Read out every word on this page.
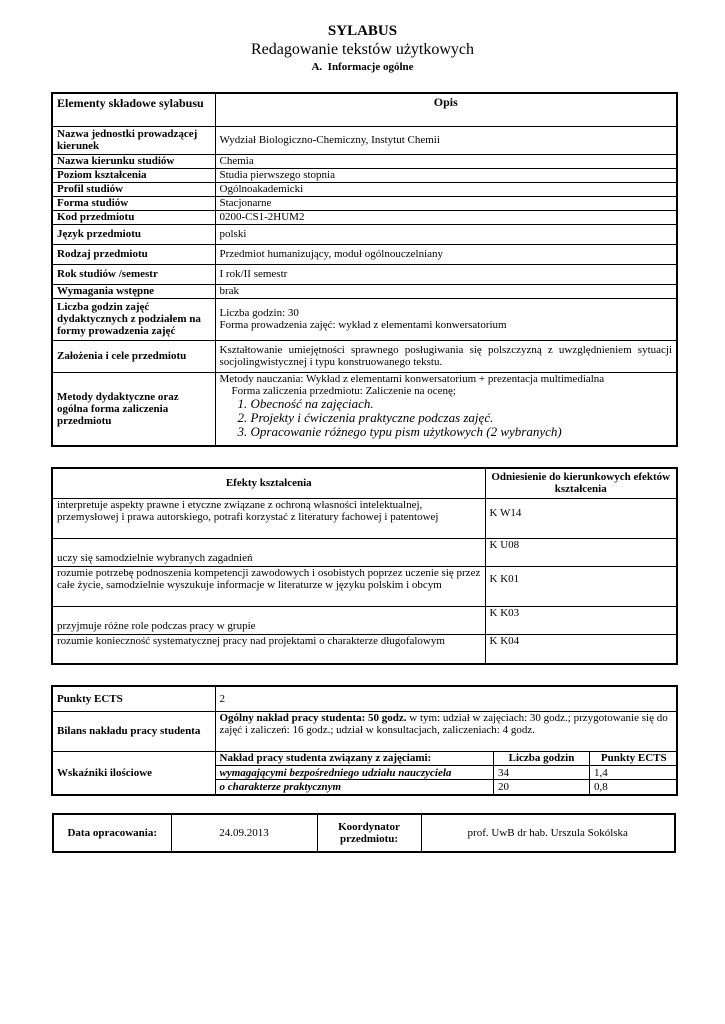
SYLABUS
Redagowanie tekstów użytkowych
A.  Informacje ogólne
Elementy składowe sylabusu	Opis
Nazwa jednostki prowadzącej kierunek	Wydział Biologiczno-Chemiczny, Instytut Chemii
Nazwa kierunku studiów	Chemia
Poziom kształcenia	Studia pierwszego stopnia
Profil studiów	Ogólnoakademicki
Forma studiów	Stacjonarne
Kod przedmiotu	0200-CS1-2HUM2
Język przedmiotu	polski
Rodzaj przedmiotu	Przedmiot humanizujący, moduł ogólnouczelniany
Rok studiów /semestr	I rok/II semestr
Wymagania wstępne	brak
Liczba godzin zajęć dydaktycznych z podziałem na formy prowadzenia zajęć	Liczba godzin: 30
Forma prowadzenia zajęć: wykład z elementami konwersatorium

Założenia i cele przedmiotu	Kształtowanie umiejętności sprawnego posługiwania się polszczyzną z uwzględnieniem sytuacji socjolingwistycznej i typu konstruowanego tekstu.
Metody dydaktyczne oraz ogólna forma zaliczenia przedmiotu	Metody nauczania: Wykład z elementami konwersatorium + prezentacja multimedialna
Forma zaliczenia przedmiotu: Zaliczenie na ocenę;
1. Obecność na zajęciach.
2. Projekty i ćwiczenia praktyczne podczas zajęć.
3. Opracowanie różnego typu pism użytkowych (2 wybranych)
Efekty kształcenia	Odniesienie do kierunkowych efektów kształcenia
interpretuje aspekty prawne i etyczne związane z ochroną własności intelektualnej, przemysłowej i prawa autorskiego, potrafi korzystać z literatury fachowej i patentowej	K W14
uczy się samodzielnie wybranych zagadnień	K U08
rozumie potrzebę podnoszenia kompetencji zawodowych i osobistych poprzez uczenie się przez całe życie, samodzielnie wyszukuje informacje w literaturze w języku polskim i obcym	K K01
przyjmuje różne role podczas pracy w grupie	K K03
rozumie konieczność systematycznej pracy nad projektami o charakterze długofalowym	K K04
Punkty ECTS	2
Bilans nakładu pracy studenta	Ogólny nakład pracy studenta: 50 godz. w tym: udział w zajęciach: 30 godz.; przygotowanie się do zajęć i zaliczeń: 16 godz.; udział w konsultacjach, zaliczeniach: 4 godz.
Wskaźniki ilościowe	
Nakład pracy studenta związany z zajęciami:	Liczba godzin	Punkty ECTS
wymagającymi bezpośredniego udziału nauczyciela	34	1,4
o charakterze praktycznym	20	0,8
Data opracowania:	24.09.2013	Koordynator przedmiotu:	prof. UwB dr hab. Urszula Sokólska
